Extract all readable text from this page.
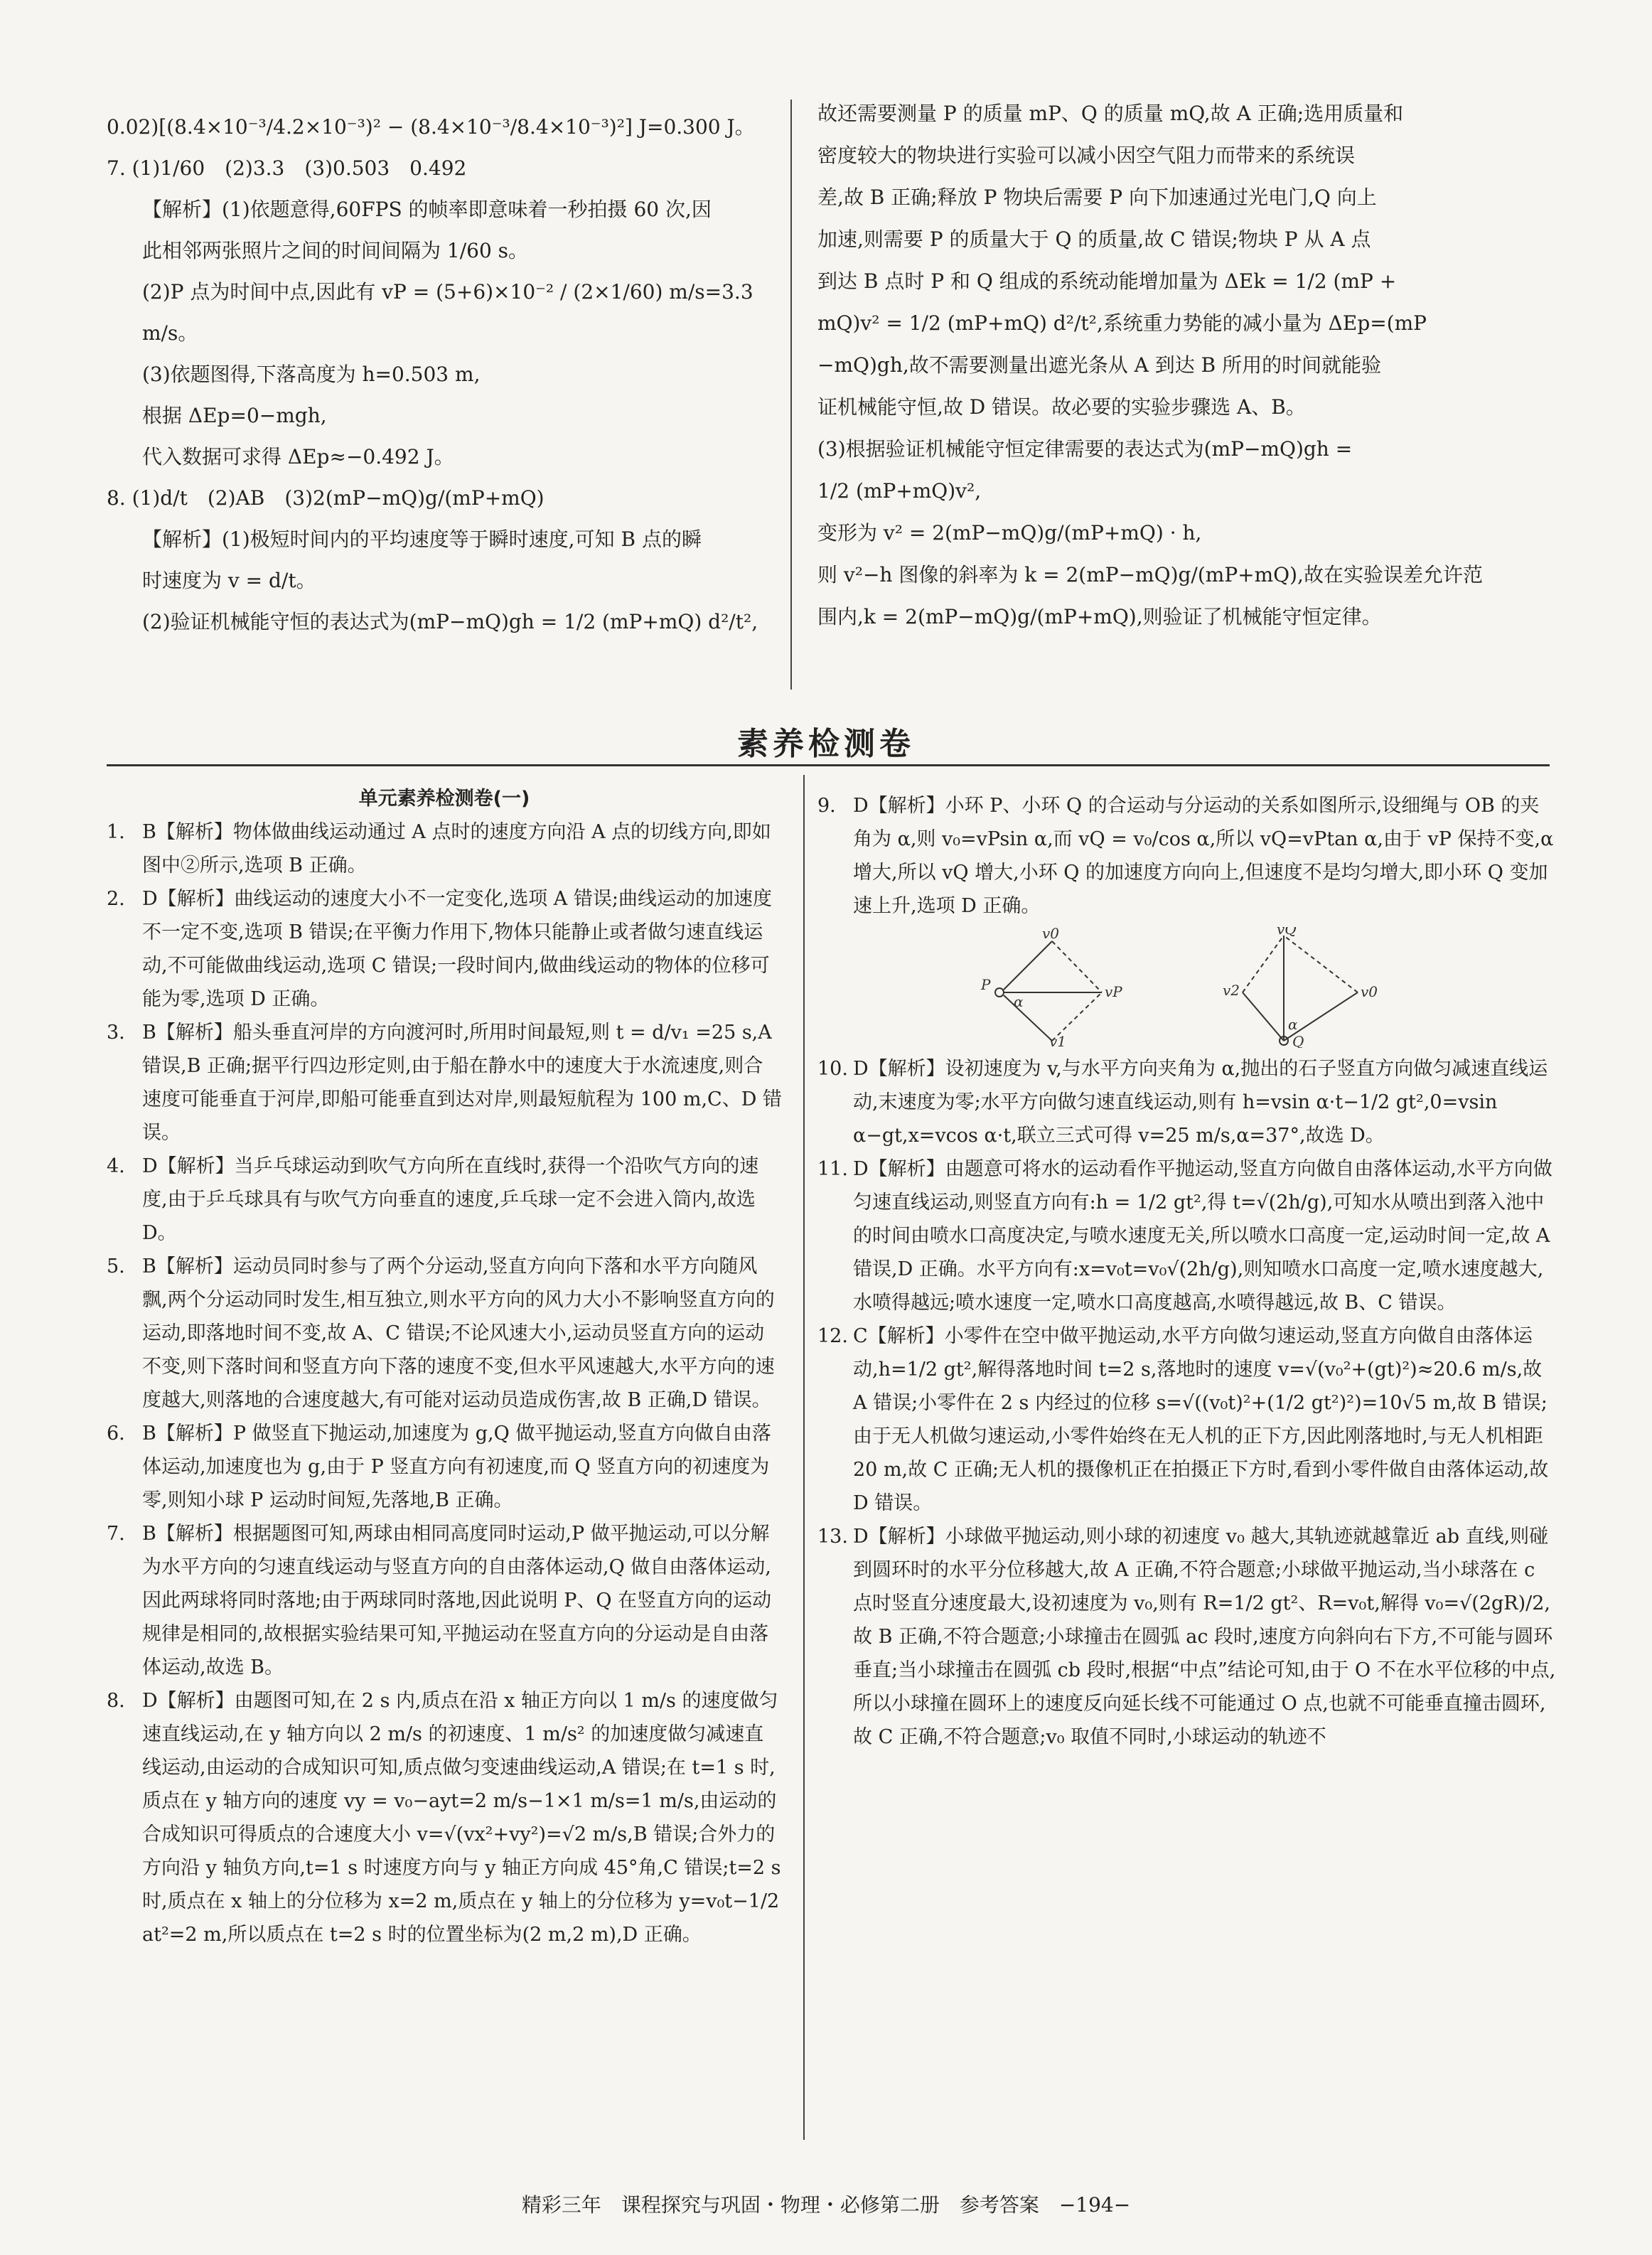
0.02)[(8.4×10⁻³/4.2×10⁻³)² − (8.4×10⁻³/8.4×10⁻³)²] J=0.300 J。

7. (1)1/60　(2)3.3　(3)0.503　0.492

【解析】(1)依题意得,60FPS 的帧率即意味着一秒拍摄 60 次,因

此相邻两张照片之间的时间间隔为 1/60 s。

(2)P 点为时间中点,因此有 vP = (5+6)×10⁻² / (2×1/60) m/s=3.3 m/s。

(3)依题图得,下落高度为 h=0.503 m,

根据 ΔEp=0−mgh,

代入数据可求得 ΔEp≈−0.492 J。

8. (1)d/t　(2)AB　(3)2(mP−mQ)g/(mP+mQ)

【解析】(1)极短时间内的平均速度等于瞬时速度,可知 B 点的瞬

时速度为 v = d/t。

(2)验证机械能守恒的表达式为(mP−mQ)gh = 1/2 (mP+mQ) d²/t²,

故还需要测量 P 的质量 mP、Q 的质量 mQ,故 A 正确;选用质量和

密度较大的物块进行实验可以减小因空气阻力而带来的系统误

差,故 B 正确;释放 P 物块后需要 P 向下加速通过光电门,Q 向上

加速,则需要 P 的质量大于 Q 的质量,故 C 错误;物块 P 从 A 点

到达 B 点时 P 和 Q 组成的系统动能增加量为 ΔEk = 1/2 (mP +

mQ)v² = 1/2 (mP+mQ) d²/t²,系统重力势能的减小量为 ΔEp=(mP

−mQ)gh,故不需要测量出遮光条从 A 到达 B 所用的时间就能验

证机械能守恒,故 D 错误。故必要的实验步骤选 A、B。

(3)根据验证机械能守恒定律需要的表达式为(mP−mQ)gh =

1/2 (mP+mQ)v²,

变形为 v² = 2(mP−mQ)g/(mP+mQ) · h,

则 v²−h 图像的斜率为 k = 2(mP−mQ)g/(mP+mQ),故在实验误差允许范

围内,k = 2(mP−mQ)g/(mP+mQ),则验证了机械能守恒定律。

素养检测卷

单元素养检测卷(一)

1. B【解析】物体做曲线运动通过 A 点时的速度方向沿 A 点的切线方向,即如图中②所示,选项 B 正确。
2. D【解析】曲线运动的速度大小不一定变化,选项 A 错误;曲线运动的加速度不一定不变,选项 B 错误;在平衡力作用下,物体只能静止或者做匀速直线运动,不可能做曲线运动,选项 C 错误;一段时间内,做曲线运动的物体的位移可能为零,选项 D 正确。
3. B【解析】船头垂直河岸的方向渡河时,所用时间最短,则 t = d/v₁ =25 s,A 错误,B 正确;据平行四边形定则,由于船在静水中的速度大于水流速度,则合速度可能垂直于河岸,即船可能垂直到达对岸,则最短航程为 100 m,C、D 错误。
4. D【解析】当乒乓球运动到吹气方向所在直线时,获得一个沿吹气方向的速度,由于乒乓球具有与吹气方向垂直的速度,乒乓球一定不会进入筒内,故选 D。
5. B【解析】运动员同时参与了两个分运动,竖直方向向下落和水平方向随风飘,两个分运动同时发生,相互独立,则水平方向的风力大小不影响竖直方向的运动,即落地时间不变,故 A、C 错误;不论风速大小,运动员竖直方向的运动不变,则下落时间和竖直方向下落的速度不变,但水平风速越大,水平方向的速度越大,则落地的合速度越大,有可能对运动员造成伤害,故 B 正确,D 错误。
6. B【解析】P 做竖直下抛运动,加速度为 g,Q 做平抛运动,竖直方向做自由落体运动,加速度也为 g,由于 P 竖直方向有初速度,而 Q 竖直方向的初速度为零,则知小球 P 运动时间短,先落地,B 正确。
7. B【解析】根据题图可知,两球由相同高度同时运动,P 做平抛运动,可以分解为水平方向的匀速直线运动与竖直方向的自由落体运动,Q 做自由落体运动,因此两球将同时落地;由于两球同时落地,因此说明 P、Q 在竖直方向的运动规律是相同的,故根据实验结果可知,平抛运动在竖直方向的分运动是自由落体运动,故选 B。
8. D【解析】由题图可知,在 2 s 内,质点在沿 x 轴正方向以 1 m/s 的速度做匀速直线运动,在 y 轴方向以 2 m/s 的初速度、1 m/s² 的加速度做匀减速直线运动,由运动的合成知识可知,质点做匀变速曲线运动,A 错误;在 t=1 s 时,质点在 y 轴方向的速度 vy = v₀−ayt=2 m/s−1×1 m/s=1 m/s,由运动的合成知识可得质点的合速度大小 v=√(vx²+vy²)=√2 m/s,B 错误;合外力的方向沿 y 轴负方向,t=1 s 时速度方向与 y 轴正方向成 45°角,C 错误;t=2 s 时,质点在 x 轴上的分位移为 x=2 m,质点在 y 轴上的分位移为 y=v₀t−1/2 at²=2 m,所以质点在 t=2 s 时的位置坐标为(2 m,2 m),D 正确。
9. D【解析】小环 P、小环 Q 的合运动与分运动的关系如图所示,设细绳与 OB 的夹角为 α,则 v₀=vPsin α,而 vQ = v₀/cos α,所以 vQ=vPtan α,由于 vP 保持不变,α 增大,所以 vQ 增大,小环 Q 的加速度方向向上,但速度不是均匀增大,即小环 Q 变加速上升,选项 D 正确。
P	vP
v0
v1
α
vQ
v2	v0
α
Q
10. D【解析】设初速度为 v,与水平方向夹角为 α,抛出的石子竖直方向做匀减速直线运动,末速度为零;水平方向做匀速直线运动,则有 h=vsin α·t−1/2 gt²,0=vsin α−gt,x=vcos α·t,联立三式可得 v=25 m/s,α=37°,故选 D。
11. D【解析】由题意可将水的运动看作平抛运动,竖直方向做自由落体运动,水平方向做匀速直线运动,则竖直方向有:h = 1/2 gt²,得 t=√(2h/g),可知水从喷出到落入池中的时间由喷水口高度决定,与喷水速度无关,所以喷水口高度一定,运动时间一定,故 A 错误,D 正确。水平方向有:x=v₀t=v₀√(2h/g),则知喷水口高度一定,喷水速度越大,水喷得越远;喷水速度一定,喷水口高度越高,水喷得越远,故 B、C 错误。
12. C【解析】小零件在空中做平抛运动,水平方向做匀速运动,竖直方向做自由落体运动,h=1/2 gt²,解得落地时间 t=2 s,落地时的速度 v=√(v₀²+(gt)²)≈20.6 m/s,故 A 错误;小零件在 2 s 内经过的位移 s=√((v₀t)²+(1/2 gt²)²)=10√5 m,故 B 错误;由于无人机做匀速运动,小零件始终在无人机的正下方,因此刚落地时,与无人机相距 20 m,故 C 正确;无人机的摄像机正在拍摄正下方时,看到小零件做自由落体运动,故 D 错误。
13. D【解析】小球做平抛运动,则小球的初速度 v₀ 越大,其轨迹就越靠近 ab 直线,则碰到圆环时的水平分位移越大,故 A 正确,不符合题意;小球做平抛运动,当小球落在 c 点时竖直分速度最大,设初速度为 v₀,则有 R=1/2 gt²、R=v₀t,解得 v₀=√(2gR)/2,故 B 正确,不符合题意;小球撞击在圆弧 ac 段时,速度方向斜向右下方,不可能与圆环垂直;当小球撞击在圆弧 cb 段时,根据“中点”结论可知,由于 O 不在水平位移的中点,所以小球撞在圆环上的速度反向延长线不可能通过 O 点,也就不可能垂直撞击圆环,故 C 正确,不符合题意;v₀ 取值不同时,小球运动的轨迹不
精彩三年　课程探究与巩固・物理・必修第二册　参考答案　−194−
